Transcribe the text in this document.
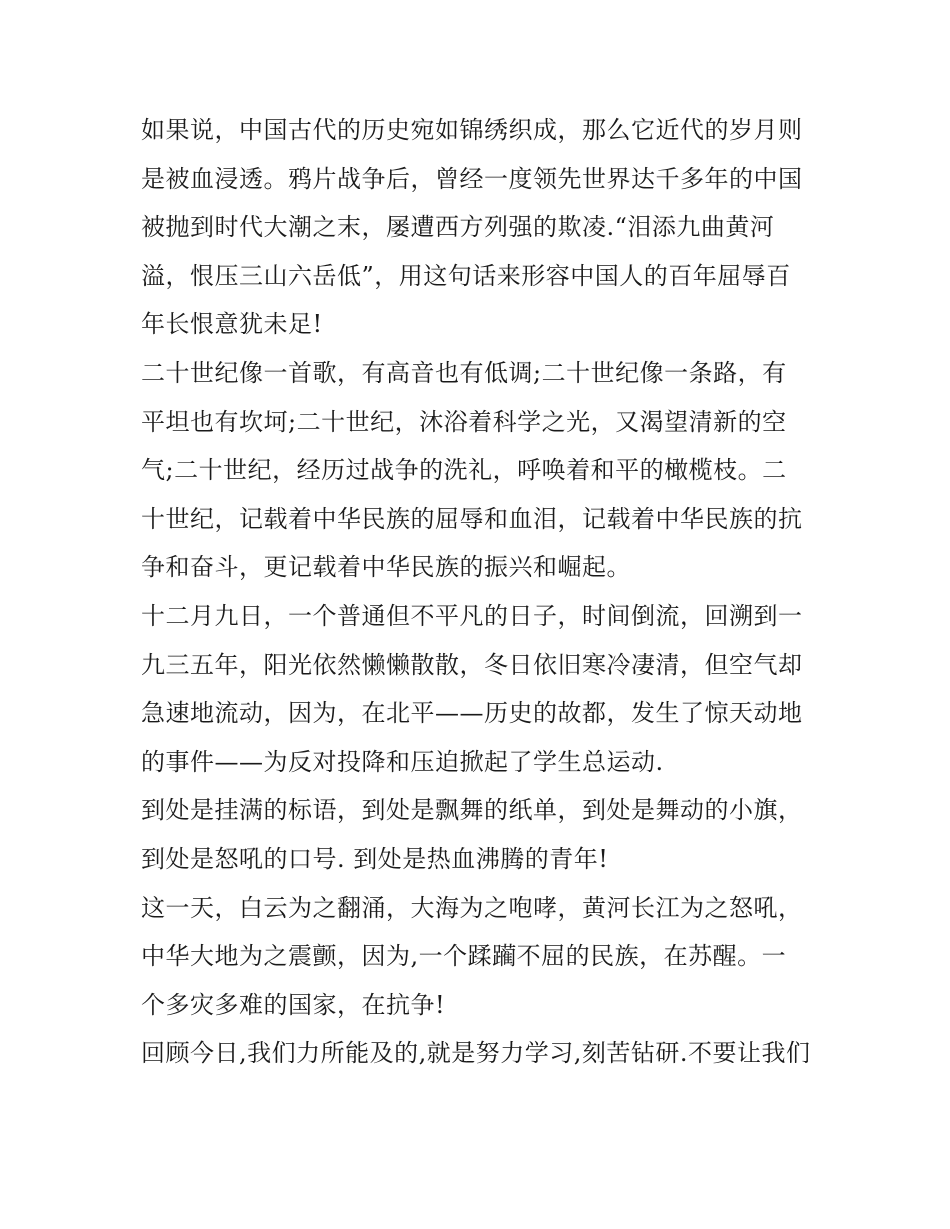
如果说，中国古代的历史宛如锦绣织成，那么它近代的岁月则
是被血浸透。鸦片战争后，曾经一度领先世界达千多年的中国
被抛到时代大潮之末，屡遭西方列强的欺凌.“泪添九曲黄河
溢，恨压三山六岳低”，用这句话来形容中国人的百年屈辱百
年长恨意犹未足!
二十世纪像一首歌，有高音也有低调;二十世纪像一条路，有
平坦也有坎坷;二十世纪，沐浴着科学之光，又渴望清新的空
气;二十世纪，经历过战争的洗礼，呼唤着和平的橄榄枝。二
十世纪，记载着中华民族的屈辱和血泪，记载着中华民族的抗
争和奋斗，更记载着中华民族的振兴和崛起。
十二月九日，一个普通但不平凡的日子，时间倒流，回溯到一
九三五年，阳光依然懒懒散散，冬日依旧寒冷凄清，但空气却
急速地流动，因为，在北平——历史的故都，发生了惊天动地
的事件——为反对投降和压迫掀起了学生总运动.
到处是挂满的标语，到处是飘舞的纸单，到处是舞动的小旗，
到处是怒吼的口号. 到处是热血沸腾的青年!
这一天，白云为之翻涌，大海为之咆哮，黄河长江为之怒吼，
中华大地为之震颤，因为,一个蹂躏不屈的民族，在苏醒。一
个多灾多难的国家，在抗争!
回顾今日,我们力所能及的,就是努力学习,刻苦钻研.不要让我们
